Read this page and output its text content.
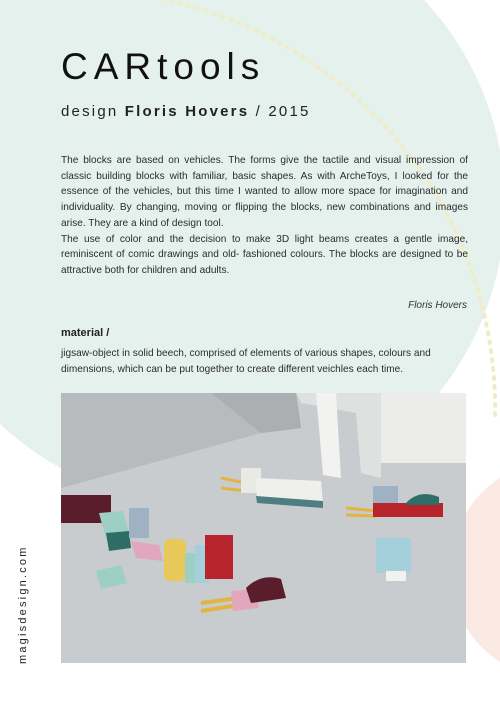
CARtools

design Floris Hovers / 2015

The blocks are based on vehicles. The forms give the tactile and visual impression of classic building blocks with familiar, basic shapes. As with ArcheToys, I looked for the essence of the vehicles, but this time I wanted to allow more space for imagination and individuality. By changing, moving or flipping the blocks, new combinations and images arise. They are a kind of design tool.

The use of color and the decision to make 3D light beams creates a gentle image, reminiscent of comic drawings and old- fashioned colours. The blocks are designed to be attractive both for children and adults.

Floris Hovers
material /
jigsaw-object in solid beech, comprised of elements of various shapes, colours and dimensions, which can be put together to create different veichles each time.
magisdesign.com
